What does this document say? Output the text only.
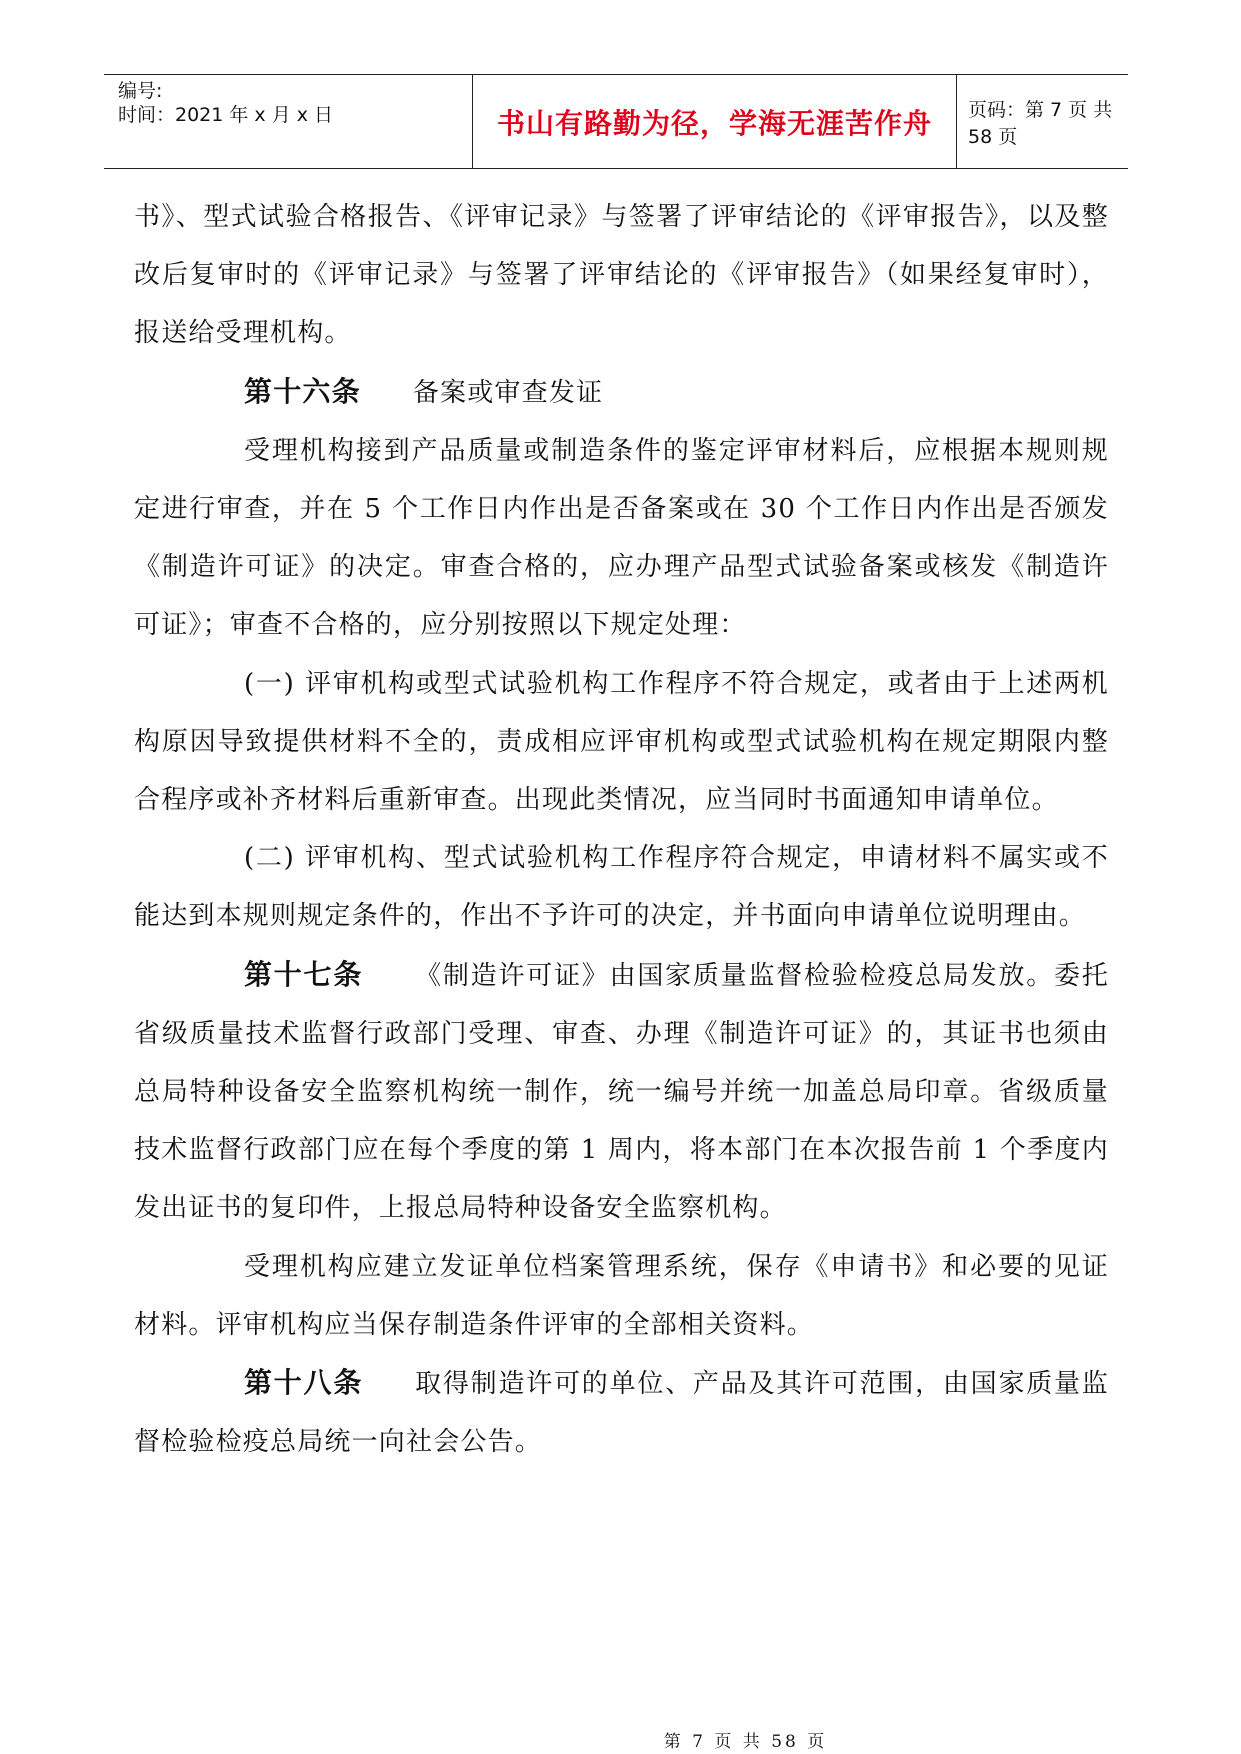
编号:
时间：2021 年 x 月 x 日	书山有路勤为径，学海无涯苦作舟 页码：第 7 页 共 58 页

书》、型式试验合格报告、《评审记录》与签署了评审结论的《评审报告》，以及整改后复审时的《评审记录》与签署了评审结论的《评审报告》（如果经复审时），报送给受理机构。

第十六条 备案或审查发证

受理机构接到产品质量或制造条件的鉴定评审材料后，应根据本规则规定进行审查，并在 5 个工作日内作出是否备案或在 30 个工作日内作出是否颁发《制造许可证》的决定。审查合格的，应办理产品型式试验备案或核发《制造许可证》；审查不合格的，应分别按照以下规定处理：

(一) 评审机构或型式试验机构工作程序不符合规定，或者由于上述两机构原因导致提供材料不全的，责成相应评审机构或型式试验机构在规定期限内整合程序或补齐材料后重新审查。出现此类情况，应当同时书面通知申请单位。

(二) 评审机构、型式试验机构工作程序符合规定，申请材料不属实或不能达到本规则规定条件的，作出不予许可的决定，并书面向申请单位说明理由。

第十七条 《制造许可证》由国家质量监督检验检疫总局发放。委托省级质量技术监督行政部门受理、审查、办理《制造许可证》的，其证书也须由总局特种设备安全监察机构统一制作，统一编号并统一加盖总局印章。省级质量技术监督行政部门应在每个季度的第 1 周内，将本部门在本次报告前 1 个季度内发出证书的复印件，上报总局特种设备安全监察机构。

受理机构应建立发证单位档案管理系统，保存《申请书》和必要的见证材料。评审机构应当保存制造条件评审的全部相关资料。

第十八条 取得制造许可的单位、产品及其许可范围，由国家质量监督检验检疫总局统一向社会公告。

第 7 页 共 58 页
